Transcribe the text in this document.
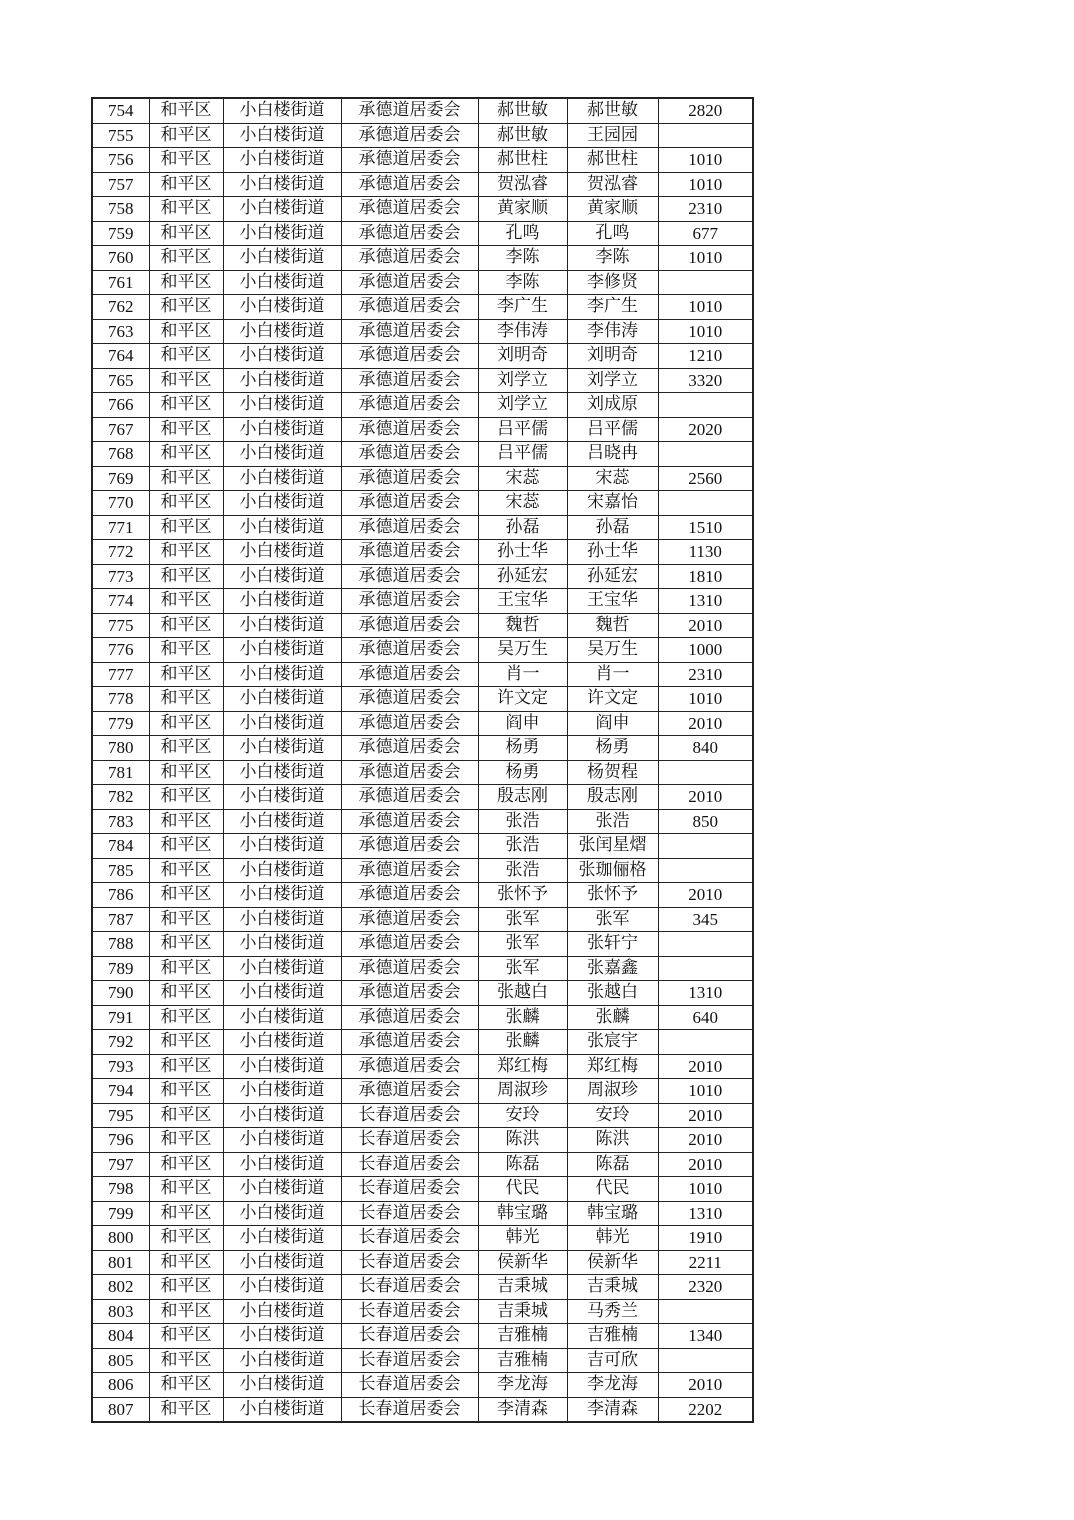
754	和平区	小白楼街道	承德道居委会	郝世敏	郝世敏	2820
755	和平区	小白楼街道	承德道居委会	郝世敏	王园园	
756	和平区	小白楼街道	承德道居委会	郝世柱	郝世柱	1010
757	和平区	小白楼街道	承德道居委会	贺泓睿	贺泓睿	1010
758	和平区	小白楼街道	承德道居委会	黄家顺	黄家顺	2310
759	和平区	小白楼街道	承德道居委会	孔鸣	孔鸣	677
760	和平区	小白楼街道	承德道居委会	李陈	李陈	1010
761	和平区	小白楼街道	承德道居委会	李陈	李修贤	
762	和平区	小白楼街道	承德道居委会	李广生	李广生	1010
763	和平区	小白楼街道	承德道居委会	李伟涛	李伟涛	1010
764	和平区	小白楼街道	承德道居委会	刘明奇	刘明奇	1210
765	和平区	小白楼街道	承德道居委会	刘学立	刘学立	3320
766	和平区	小白楼街道	承德道居委会	刘学立	刘成原	
767	和平区	小白楼街道	承德道居委会	吕平儒	吕平儒	2020
768	和平区	小白楼街道	承德道居委会	吕平儒	吕晓冉	
769	和平区	小白楼街道	承德道居委会	宋蕊	宋蕊	2560
770	和平区	小白楼街道	承德道居委会	宋蕊	宋嘉怡	
771	和平区	小白楼街道	承德道居委会	孙磊	孙磊	1510
772	和平区	小白楼街道	承德道居委会	孙士华	孙士华	1130
773	和平区	小白楼街道	承德道居委会	孙延宏	孙延宏	1810
774	和平区	小白楼街道	承德道居委会	王宝华	王宝华	1310
775	和平区	小白楼街道	承德道居委会	魏哲	魏哲	2010
776	和平区	小白楼街道	承德道居委会	吴万生	吴万生	1000
777	和平区	小白楼街道	承德道居委会	肖一	肖一	2310
778	和平区	小白楼街道	承德道居委会	许文定	许文定	1010
779	和平区	小白楼街道	承德道居委会	阎申	阎申	2010
780	和平区	小白楼街道	承德道居委会	杨勇	杨勇	840
781	和平区	小白楼街道	承德道居委会	杨勇	杨贺程	
782	和平区	小白楼街道	承德道居委会	殷志刚	殷志刚	2010
783	和平区	小白楼街道	承德道居委会	张浩	张浩	850
784	和平区	小白楼街道	承德道居委会	张浩	张闰星熠	
785	和平区	小白楼街道	承德道居委会	张浩	张珈俪格	
786	和平区	小白楼街道	承德道居委会	张怀予	张怀予	2010
787	和平区	小白楼街道	承德道居委会	张军	张军	345
788	和平区	小白楼街道	承德道居委会	张军	张轩宁	
789	和平区	小白楼街道	承德道居委会	张军	张嘉鑫	
790	和平区	小白楼街道	承德道居委会	张越白	张越白	1310
791	和平区	小白楼街道	承德道居委会	张麟	张麟	640
792	和平区	小白楼街道	承德道居委会	张麟	张宸宇	
793	和平区	小白楼街道	承德道居委会	郑红梅	郑红梅	2010
794	和平区	小白楼街道	承德道居委会	周淑珍	周淑珍	1010
795	和平区	小白楼街道	长春道居委会	安玲	安玲	2010
796	和平区	小白楼街道	长春道居委会	陈洪	陈洪	2010
797	和平区	小白楼街道	长春道居委会	陈磊	陈磊	2010
798	和平区	小白楼街道	长春道居委会	代民	代民	1010
799	和平区	小白楼街道	长春道居委会	韩宝璐	韩宝璐	1310
800	和平区	小白楼街道	长春道居委会	韩光	韩光	1910
801	和平区	小白楼街道	长春道居委会	侯新华	侯新华	2211
802	和平区	小白楼街道	长春道居委会	吉秉城	吉秉城	2320
803	和平区	小白楼街道	长春道居委会	吉秉城	马秀兰	
804	和平区	小白楼街道	长春道居委会	吉雅楠	吉雅楠	1340
805	和平区	小白楼街道	长春道居委会	吉雅楠	吉可欣	
806	和平区	小白楼街道	长春道居委会	李龙海	李龙海	2010
807	和平区	小白楼街道	长春道居委会	李清森	李清森	2202
